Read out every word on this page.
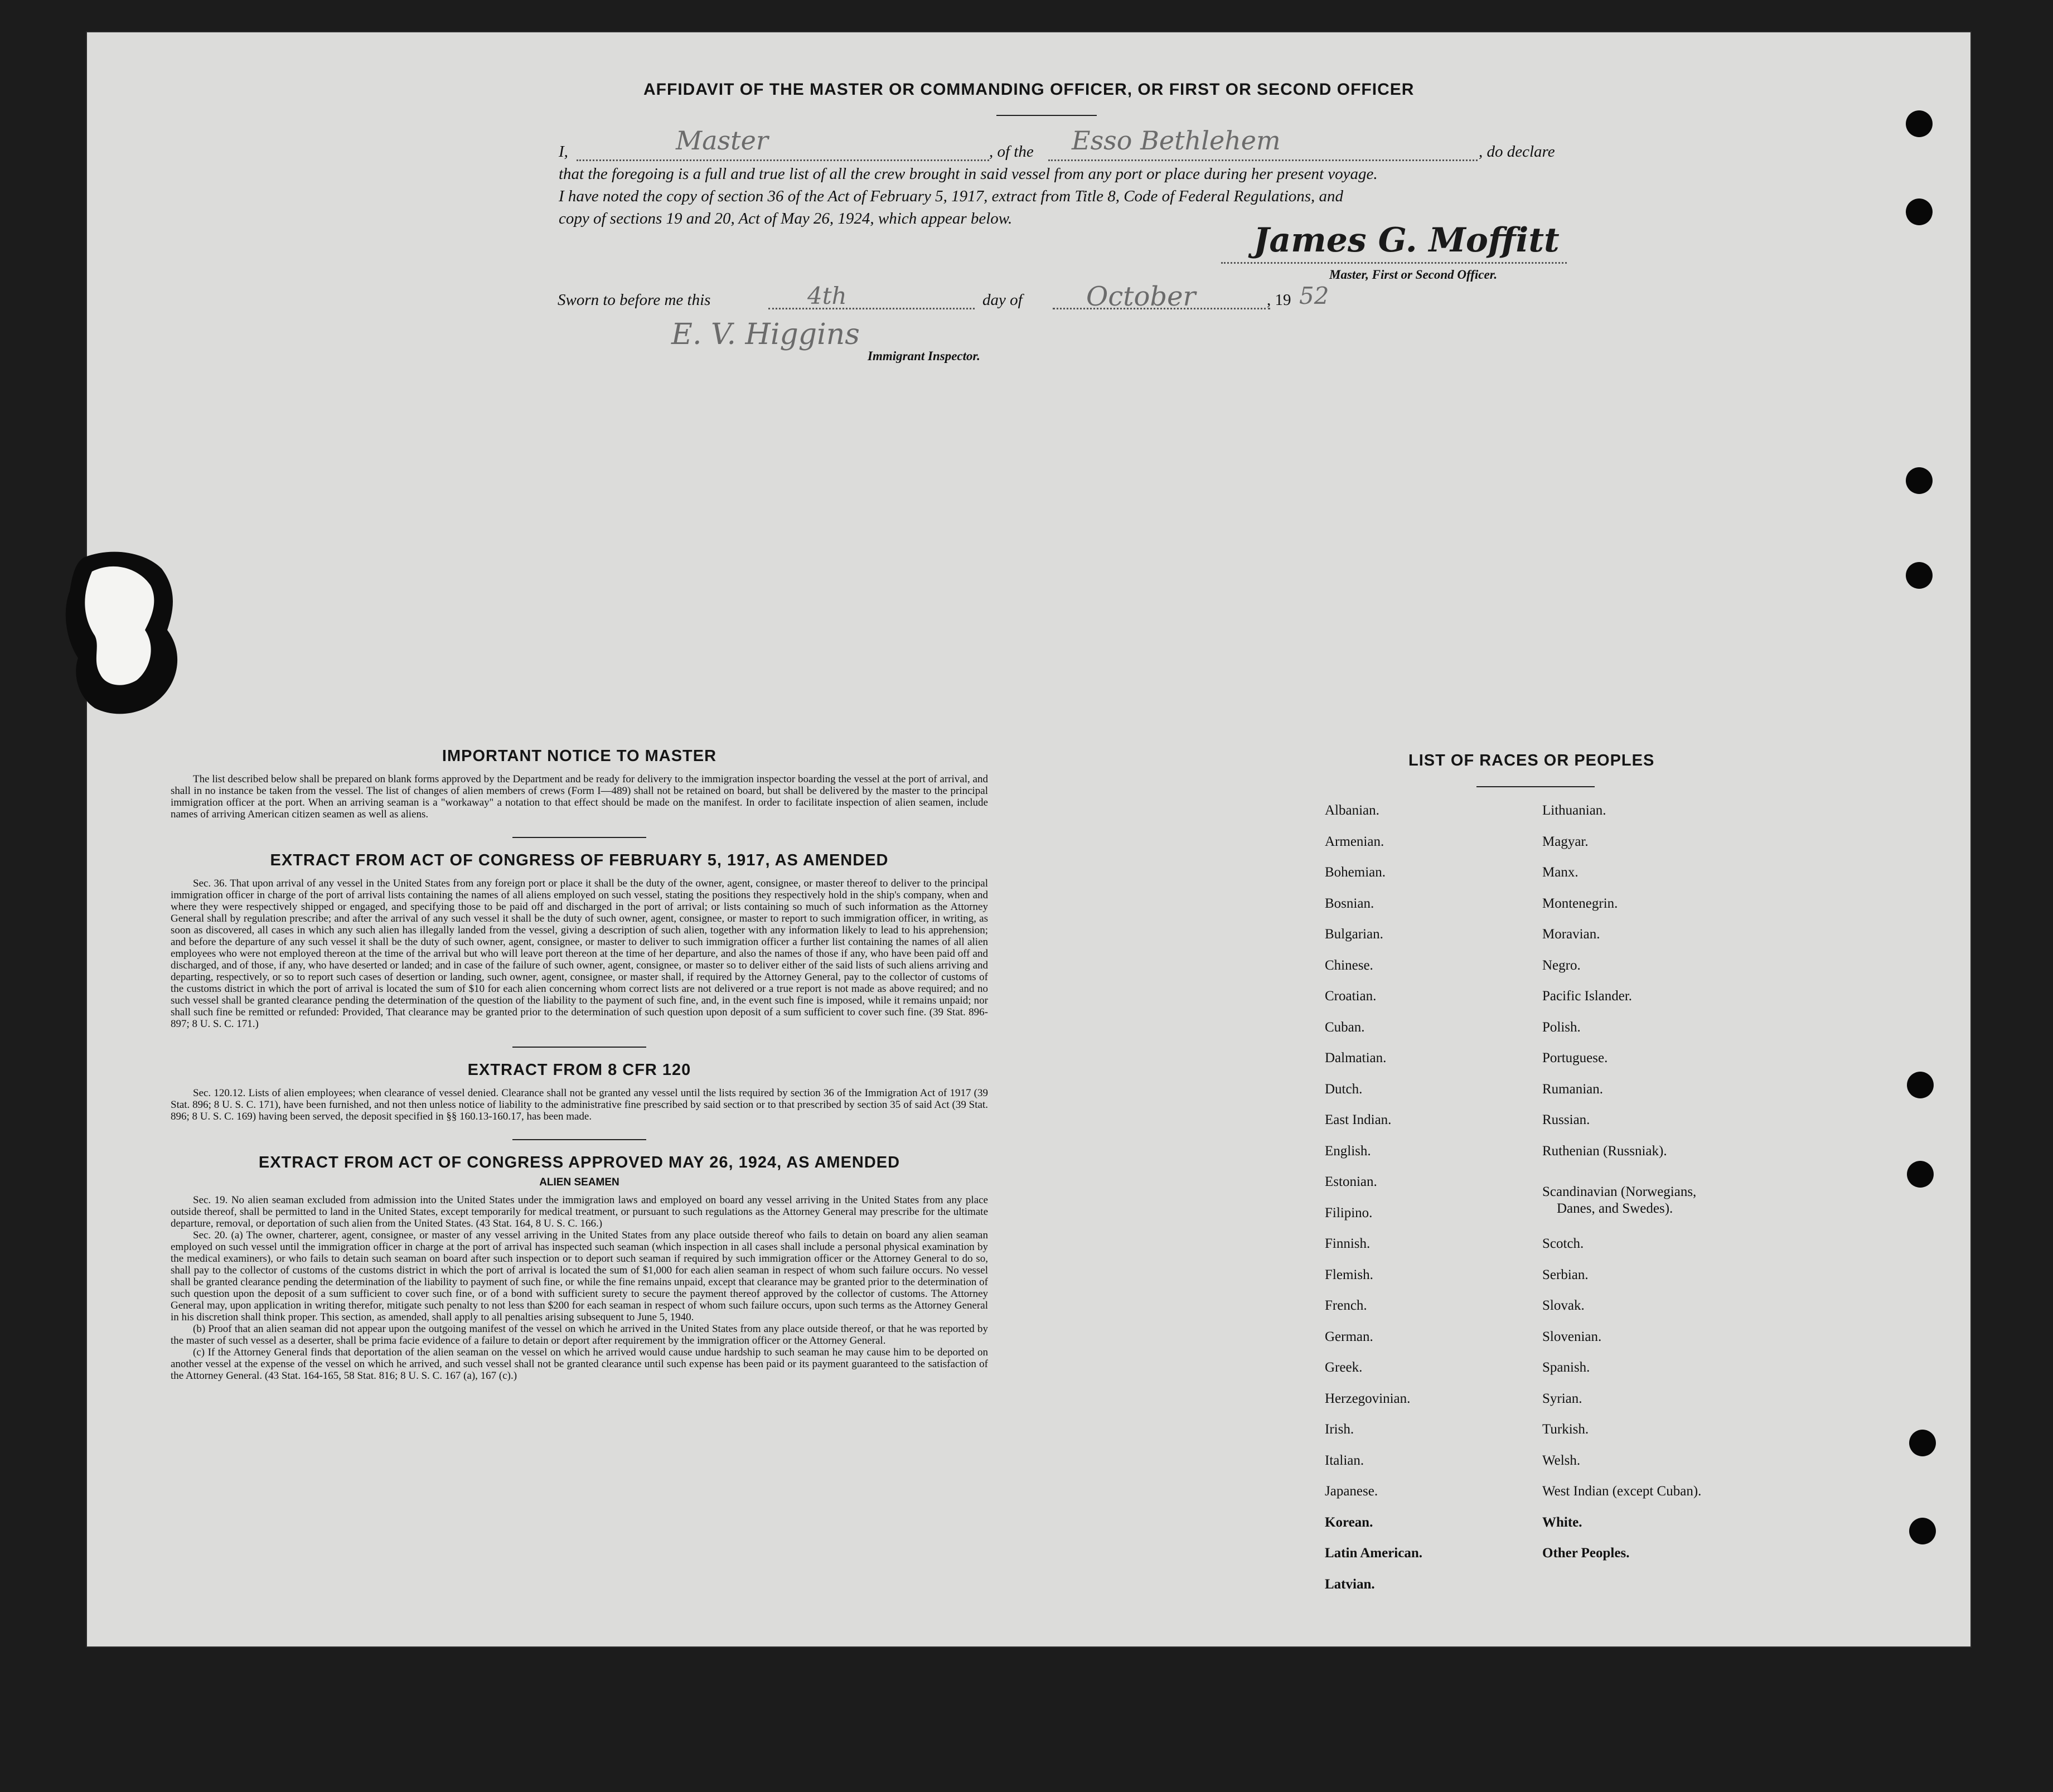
AFFIDAVIT OF THE MASTER OR COMMANDING OFFICER, OR FIRST OR SECOND OFFICER
I,	Master	, of the Esso Bethlehem	, do declare
that the foregoing is a full and true list of all the crew brought in said vessel from any port or place during her present voyage.
I have noted the copy of section 36 of the Act of February 5, 1917, extract from Title 8, Code of Federal Regulations, and
copy of sections 19 and 20, Act of May 26, 1924, which appear below.
James G. Moffitt
Master, First or Second Officer.
Sworn to before me this	4th	day of October	, 19 52
E. V. Higgins
Immigrant Inspector.
IMPORTANT NOTICE TO MASTER
The list described below shall be prepared on blank forms approved by the Department and be ready for delivery to the immigration inspector boarding the vessel at the port of arrival, and shall in no instance be taken from the vessel. The list of changes of alien members of crews (Form I—489) shall not be retained on board, but shall be delivered by the master to the principal immigration officer at the port. When an arriving seaman is a "workaway" a notation to that effect should be made on the manifest. In order to facilitate inspection of alien seamen, include names of arriving American citizen seamen as well as aliens.
EXTRACT FROM ACT OF CONGRESS OF FEBRUARY 5, 1917, AS AMENDED
Sec. 36. That upon arrival of any vessel in the United States from any foreign port or place it shall be the duty of the owner, agent, consignee, or master thereof to deliver to the principal immigration officer in charge of the port of arrival lists containing the names of all aliens employed on such vessel, stating the positions they respectively hold in the ship's company, when and where they were respectively shipped or engaged, and specifying those to be paid off and discharged in the port of arrival; or lists containing so much of such information as the Attorney General shall by regulation prescribe; and after the arrival of any such vessel it shall be the duty of such owner, agent, consignee, or master to report to such immigration officer, in writing, as soon as discovered, all cases in which any such alien has illegally landed from the vessel, giving a description of such alien, together with any information likely to lead to his apprehension; and before the departure of any such vessel it shall be the duty of such owner, agent, consignee, or master to deliver to such immigration officer a further list containing the names of all alien employees who were not employed thereon at the time of the arrival but who will leave port thereon at the time of her departure, and also the names of those if any, who have been paid off and discharged, and of those, if any, who have deserted or landed; and in case of the failure of such owner, agent, consignee, or master so to deliver either of the said lists of such aliens arriving and departing, respectively, or so to report such cases of desertion or landing, such owner, agent, consignee, or master shall, if required by the Attorney General, pay to the collector of customs of the customs district in which the port of arrival is located the sum of $10 for each alien concerning whom correct lists are not delivered or a true report is not made as above required; and no such vessel shall be granted clearance pending the determination of the question of the liability to the payment of such fine, and, in the event such fine is imposed, while it remains unpaid; nor shall such fine be remitted or refunded: Provided, That clearance may be granted prior to the determination of such question upon deposit of a sum sufficient to cover such fine. (39 Stat. 896-897; 8 U. S. C. 171.)
EXTRACT FROM 8 CFR 120
Sec. 120.12. Lists of alien employees; when clearance of vessel denied. Clearance shall not be granted any vessel until the lists required by section 36 of the Immigration Act of 1917 (39 Stat. 896; 8 U. S. C. 171), have been furnished, and not then unless notice of liability to the administrative fine prescribed by said section or to that prescribed by section 35 of said Act (39 Stat. 896; 8 U. S. C. 169) having been served, the deposit specified in §§ 160.13-160.17, has been made.
EXTRACT FROM ACT OF CONGRESS APPROVED MAY 26, 1924, AS AMENDED
ALIEN SEAMEN
Sec. 19. No alien seaman excluded from admission into the United States under the immigration laws and employed on board any vessel arriving in the United States from any place outside thereof, shall be permitted to land in the United States, except temporarily for medical treatment, or pursuant to such regulations as the Attorney General may prescribe for the ultimate departure, removal, or deportation of such alien from the United States. (43 Stat. 164, 8 U. S. C. 166.)
Sec. 20. (a) The owner, charterer, agent, consignee, or master of any vessel arriving in the United States from any place outside thereof who fails to detain on board any alien seaman employed on such vessel until the immigration officer in charge at the port of arrival has inspected such seaman (which inspection in all cases shall include a personal physical examination by the medical examiners), or who fails to detain such seaman on board after such inspection or to deport such seaman if required by such immigration officer or the Attorney General to do so, shall pay to the collector of customs of the customs district in which the port of arrival is located the sum of $1,000 for each alien seaman in respect of whom such failure occurs. No vessel shall be granted clearance pending the determination of the liability to payment of such fine, or while the fine remains unpaid, except that clearance may be granted prior to the determination of such question upon the deposit of a sum sufficient to cover such fine, or of a bond with sufficient surety to secure the payment thereof approved by the collector of customs. The Attorney General may, upon application in writing therefor, mitigate such penalty to not less than $200 for each seaman in respect of whom such failure occurs, upon such terms as the Attorney General in his discretion shall think proper. This section, as amended, shall apply to all penalties arising subsequent to June 5, 1940.
(b) Proof that an alien seaman did not appear upon the outgoing manifest of the vessel on which he arrived in the United States from any place outside thereof, or that he was reported by the master of such vessel as a deserter, shall be prima facie evidence of a failure to detain or deport after requirement by the immigration officer or the Attorney General.
(c) If the Attorney General finds that deportation of the alien seaman on the vessel on which he arrived would cause undue hardship to such seaman he may cause him to be deported on another vessel at the expense of the vessel on which he arrived, and such vessel shall not be granted clearance until such expense has been paid or its payment guaranteed to the satisfaction of the Attorney General. (43 Stat. 164-165, 58 Stat. 816; 8 U. S. C. 167 (a), 167 (c).)
LIST OF RACES OR PEOPLES
Albanian.
Armenian.
Bohemian.
Bosnian.
Bulgarian.
Chinese.
Croatian.
Cuban.
Dalmatian.
Dutch.
East Indian.
English.
Estonian.
Filipino.
Finnish.
Flemish.
French.
German.
Greek.
Herzegovinian.
Irish.
Italian.
Japanese.
Korean.
Latin American.
Latvian.
Lithuanian.
Magyar.
Manx.
Montenegrin.
Moravian.
Negro.
Pacific Islander.
Polish.
Portuguese.
Rumanian.
Russian.
Ruthenian (Russniak).
Scandinavian (Norwegians,
Danes, and Swedes).
Scotch.
Serbian.
Slovak.
Slovenian.
Spanish.
Syrian.
Turkish.
Welsh.
West Indian (except Cuban).
White.
Other Peoples.
